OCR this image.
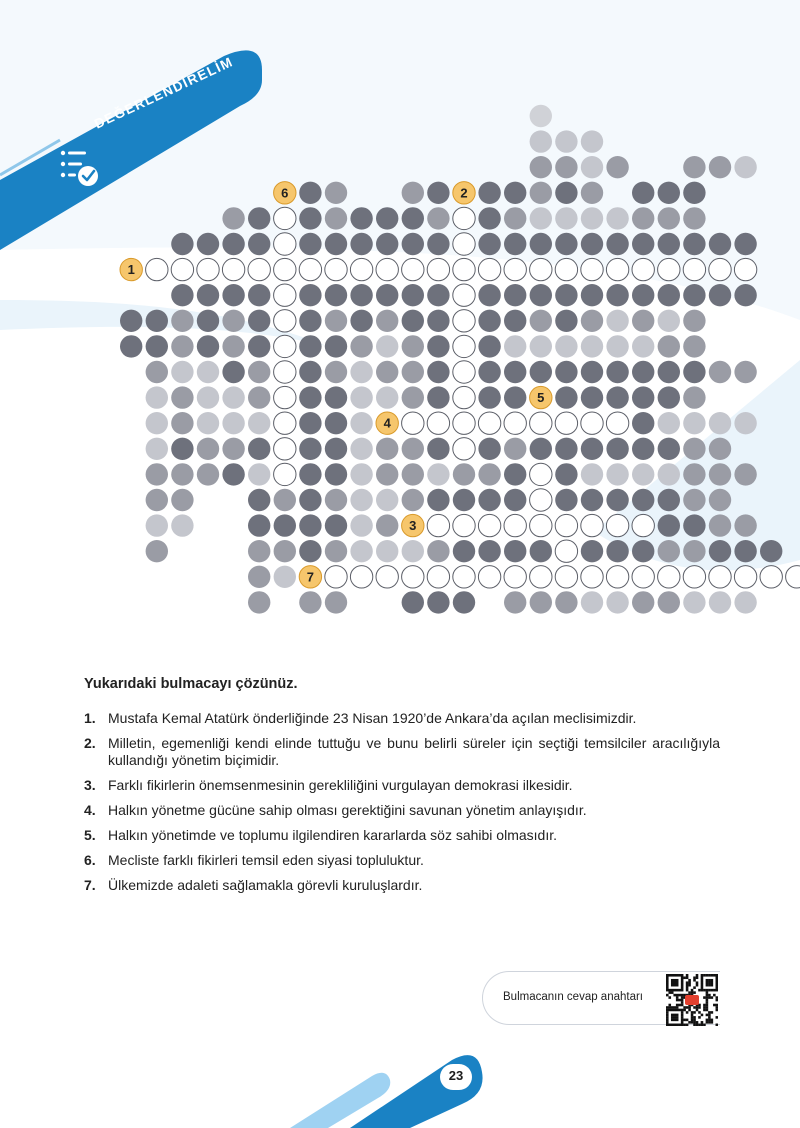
DEĞERLENDİRELİM
6	2
1
5
4
3
7

Yukarıdaki bulmacayı çözünüz.

1. Mustafa Kemal Atatürk önderliğinde 23 Nisan 1920’de Ankara’da açılan meclisimizdir.
2. Milletin, egemenliği kendi elinde tuttuğu ve bunu belirli süreler için seçtiği temsilciler aracılığıyla kullandığı yönetim biçimidir.
3. Farklı fikirlerin önemsenmesinin gerekliliğini vurgulayan demokrasi ilkesidir.
4. Halkın yönetme gücüne sahip olması gerektiğini savunan yönetim anlayışıdır.
5. Halkın yönetimde ve toplumu ilgilendiren kararlarda söz sahibi olmasıdır.
6. Mecliste farklı fikirleri temsil eden siyasi topluluktur.
7. Ülkemizde adaleti sağlamakla görevli kuruluşlardır.
Bulmacanın cevap anahtarı
23
